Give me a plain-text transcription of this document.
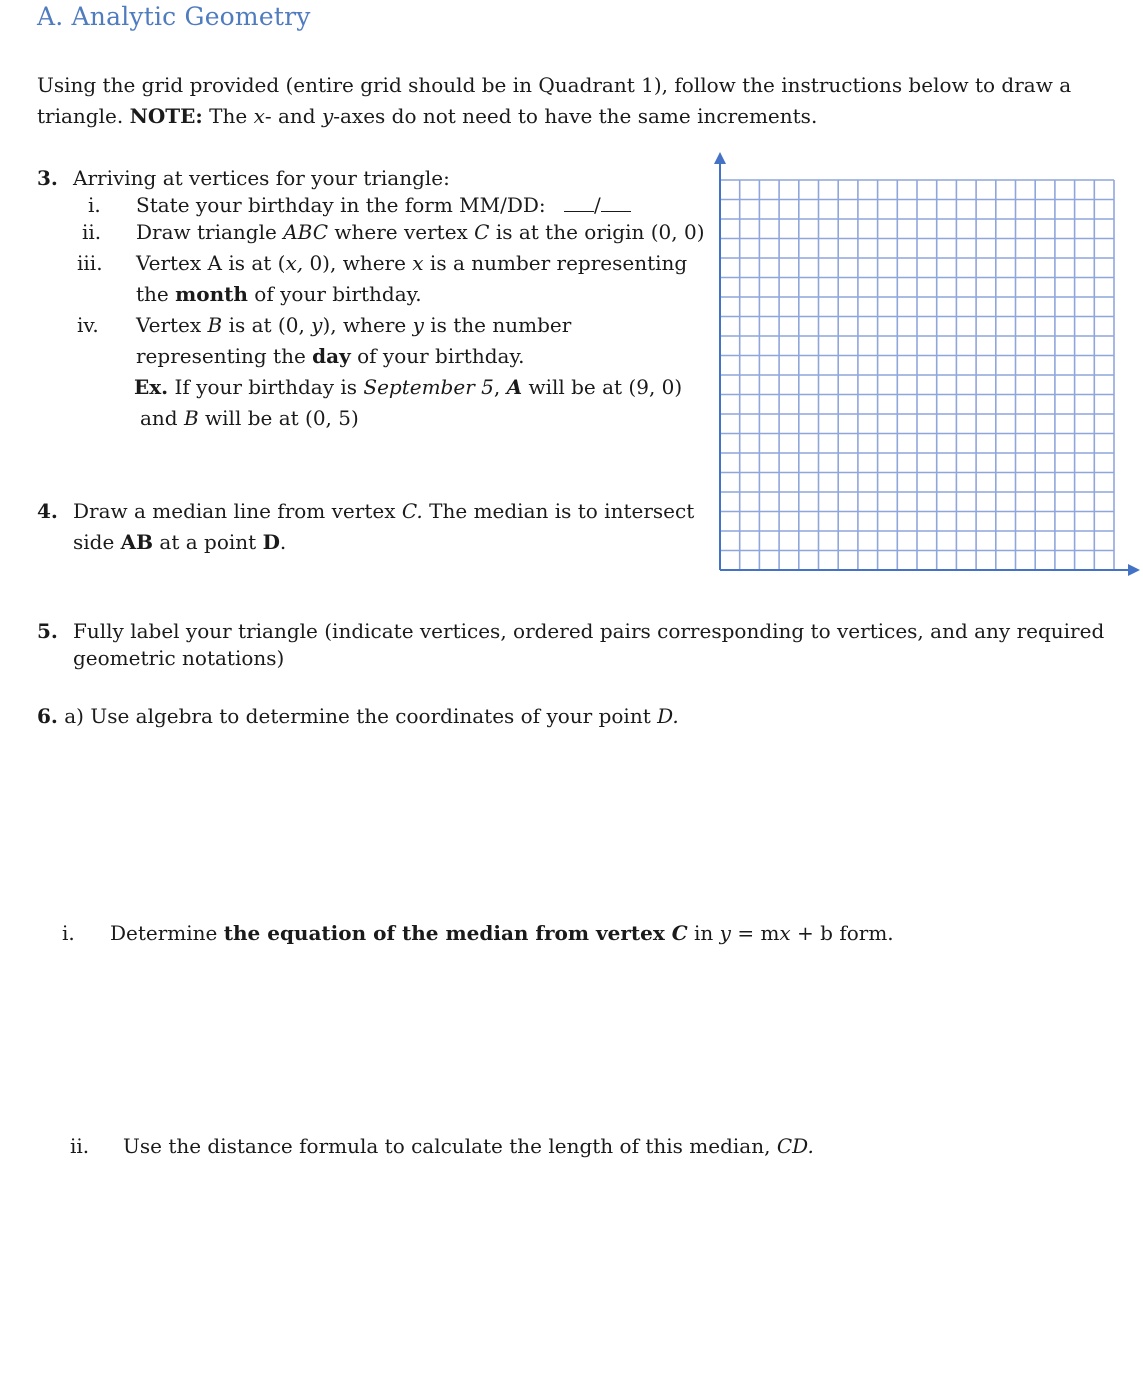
A. Analytic Geometry
Using the grid provided (entire grid should be in Quadrant 1), follow the instructions below to draw a
triangle. NOTE: The x- and y-axes do not need to have the same increments.
3. Arriving at vertices for your triangle:
i. State your birthday in the form MM/DD: /
ii. Draw triangle ABC where vertex C is at the origin (0, 0)
iii. Vertex A is at (x, 0), where x is a number representing
the month of your birthday.
iv. Vertex B is at (0, y), where y is the number
representing the day of your birthday.
Ex. If your birthday is September 5, A will be at (9, 0)
and B will be at (0, 5)
4. Draw a median line from vertex C. The median is to intersect
side AB at a point D.
5. Fully label your triangle (indicate vertices, ordered pairs corresponding to vertices, and any required
geometric notations)
6. a) Use algebra to determine the coordinates of your point D.
i. Determine the equation of the median from vertex C in y = mx + b form.
ii. Use the distance formula to calculate the length of this median, CD.
